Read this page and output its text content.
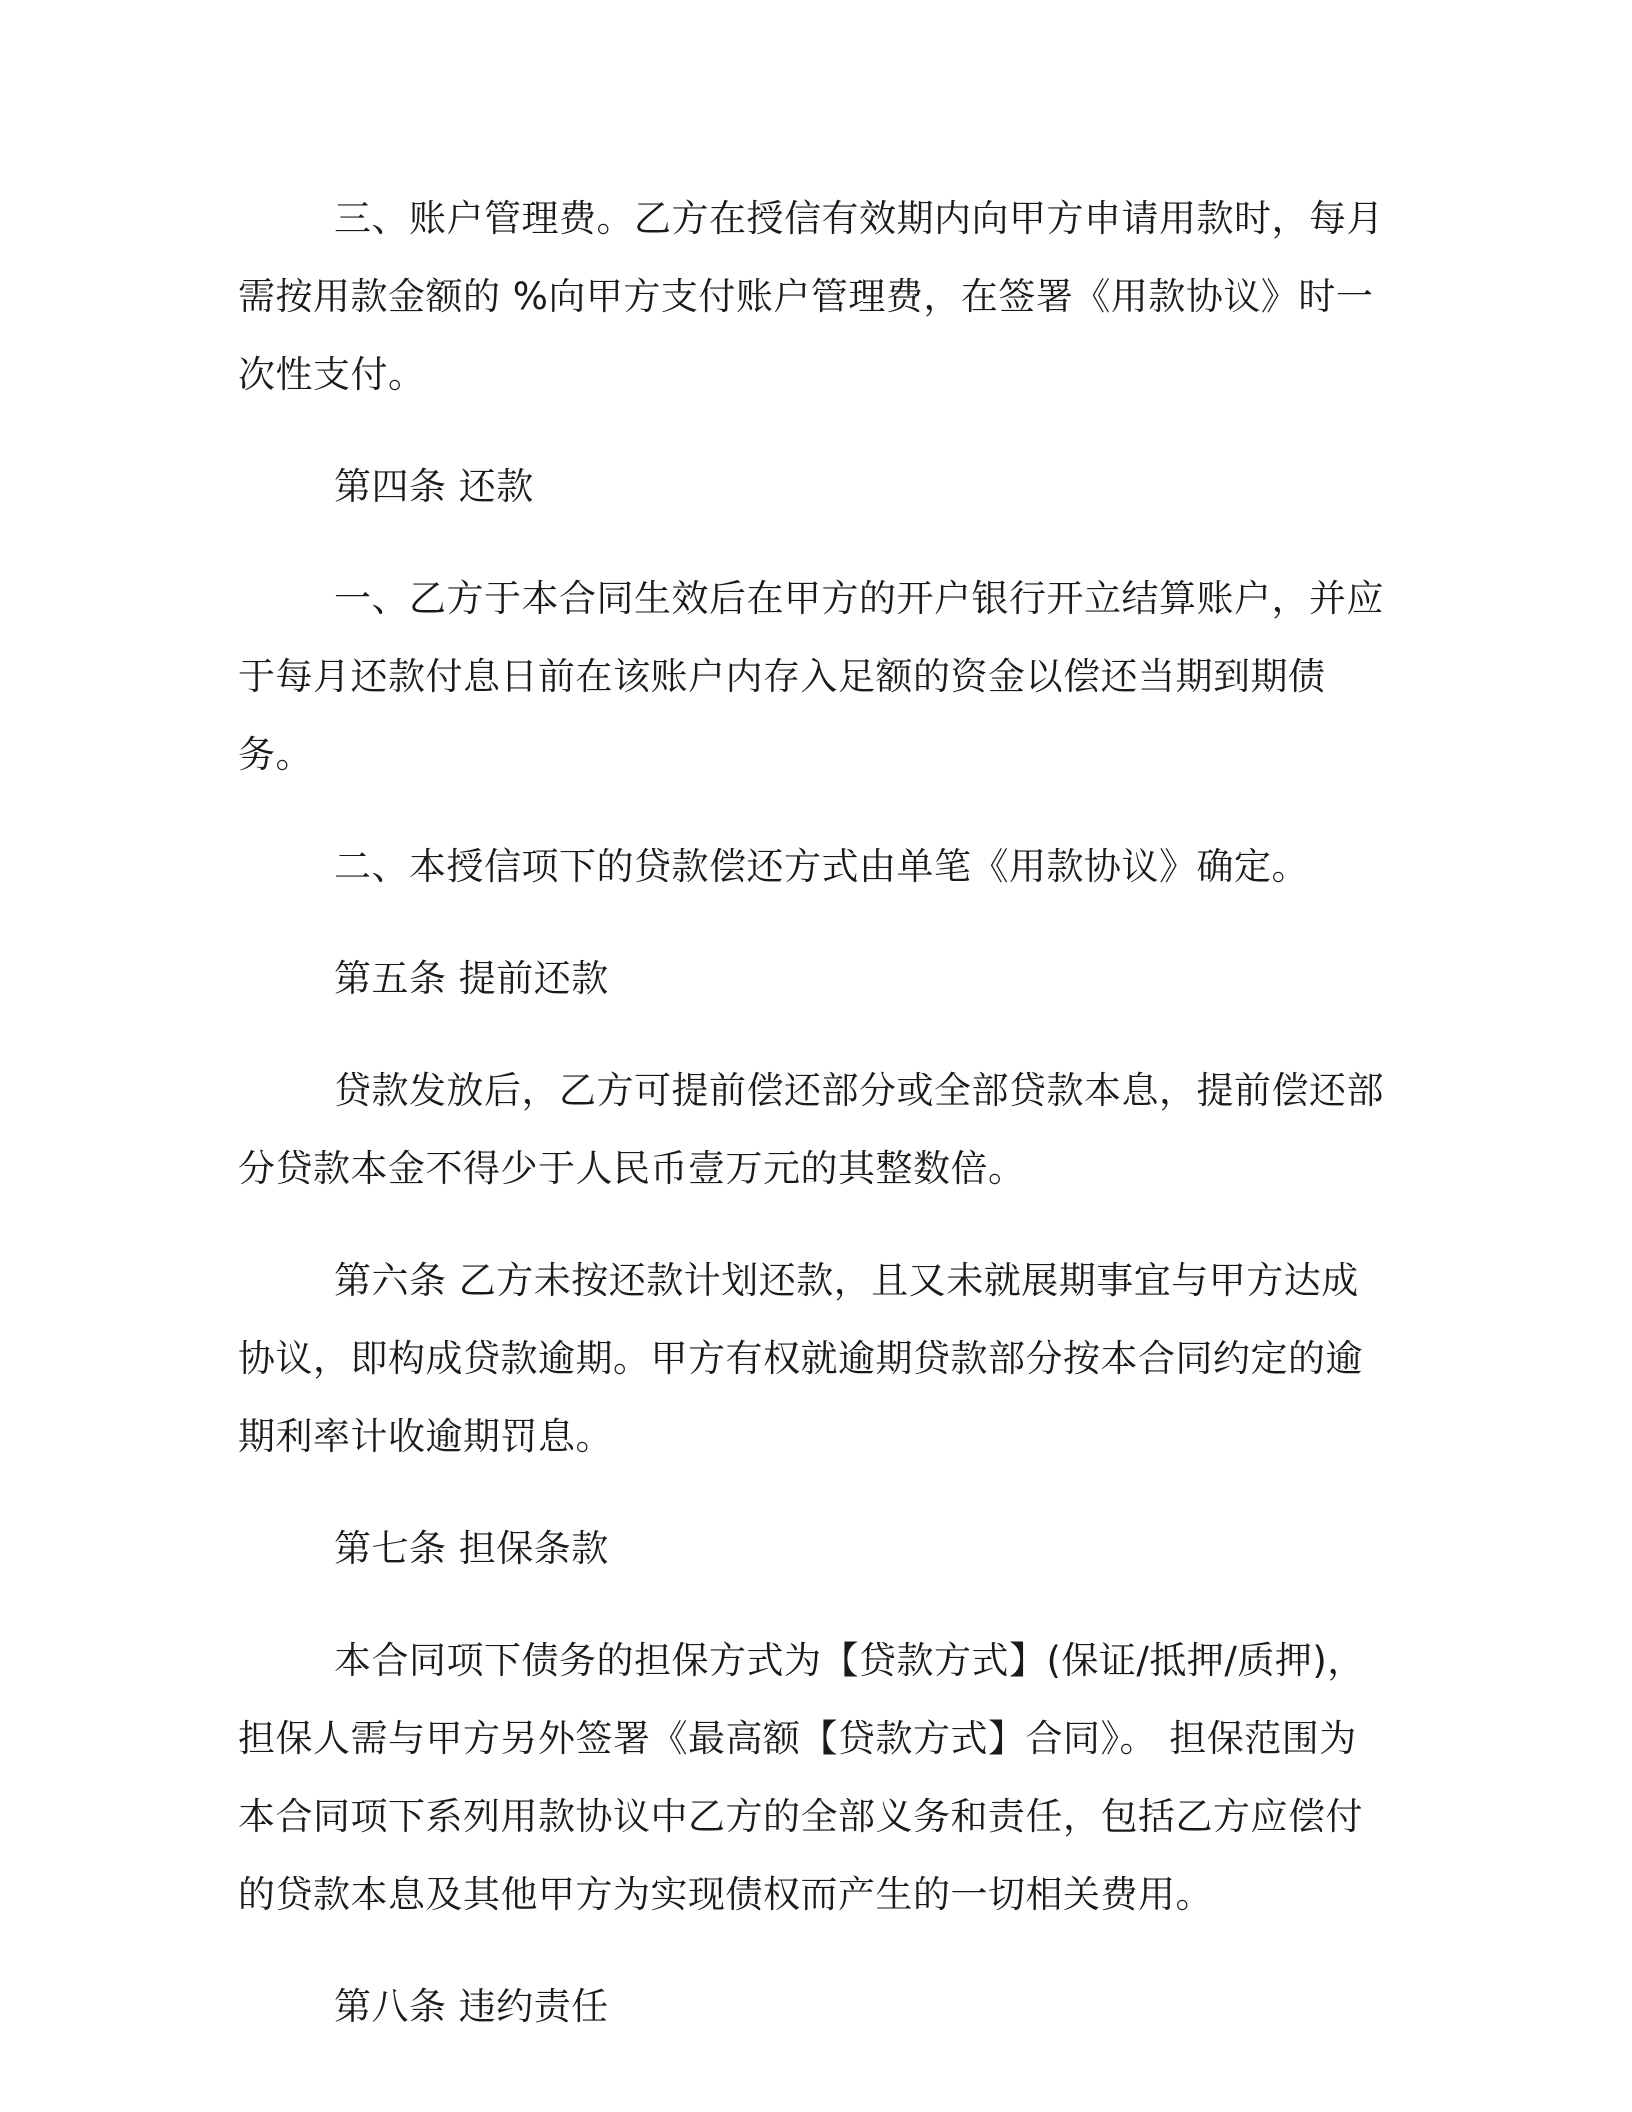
三、账户管理费。乙方在授信有效期内向甲方申请用款时，每月需按用款金额的 %向甲方支付账户管理费，在签署《用款协议》时一次性支付。

第四条 还款

一、乙方于本合同生效后在甲方的开户银行开立结算账户，并应于每月还款付息日前在该账户内存入足额的资金以偿还当期到期债务。

二、本授信项下的贷款偿还方式由单笔《用款协议》确定。

第五条 提前还款

贷款发放后，乙方可提前偿还部分或全部贷款本息，提前偿还部分贷款本金不得少于人民币壹万元的其整数倍。

第六条 乙方未按还款计划还款，且又未就展期事宜与甲方达成协议，即构成贷款逾期。甲方有权就逾期贷款部分按本合同约定的逾期利率计收逾期罚息。

第七条 担保条款

本合同项下债务的担保方式为【贷款方式】(保证/抵押/质押)，担保人需与甲方另外签署《最高额【贷款方式】合同》。 担保范围为本合同项下系列用款协议中乙方的全部义务和责任，包括乙方应偿付的贷款本息及其他甲方为实现债权而产生的一切相关费用。

第八条 违约责任
